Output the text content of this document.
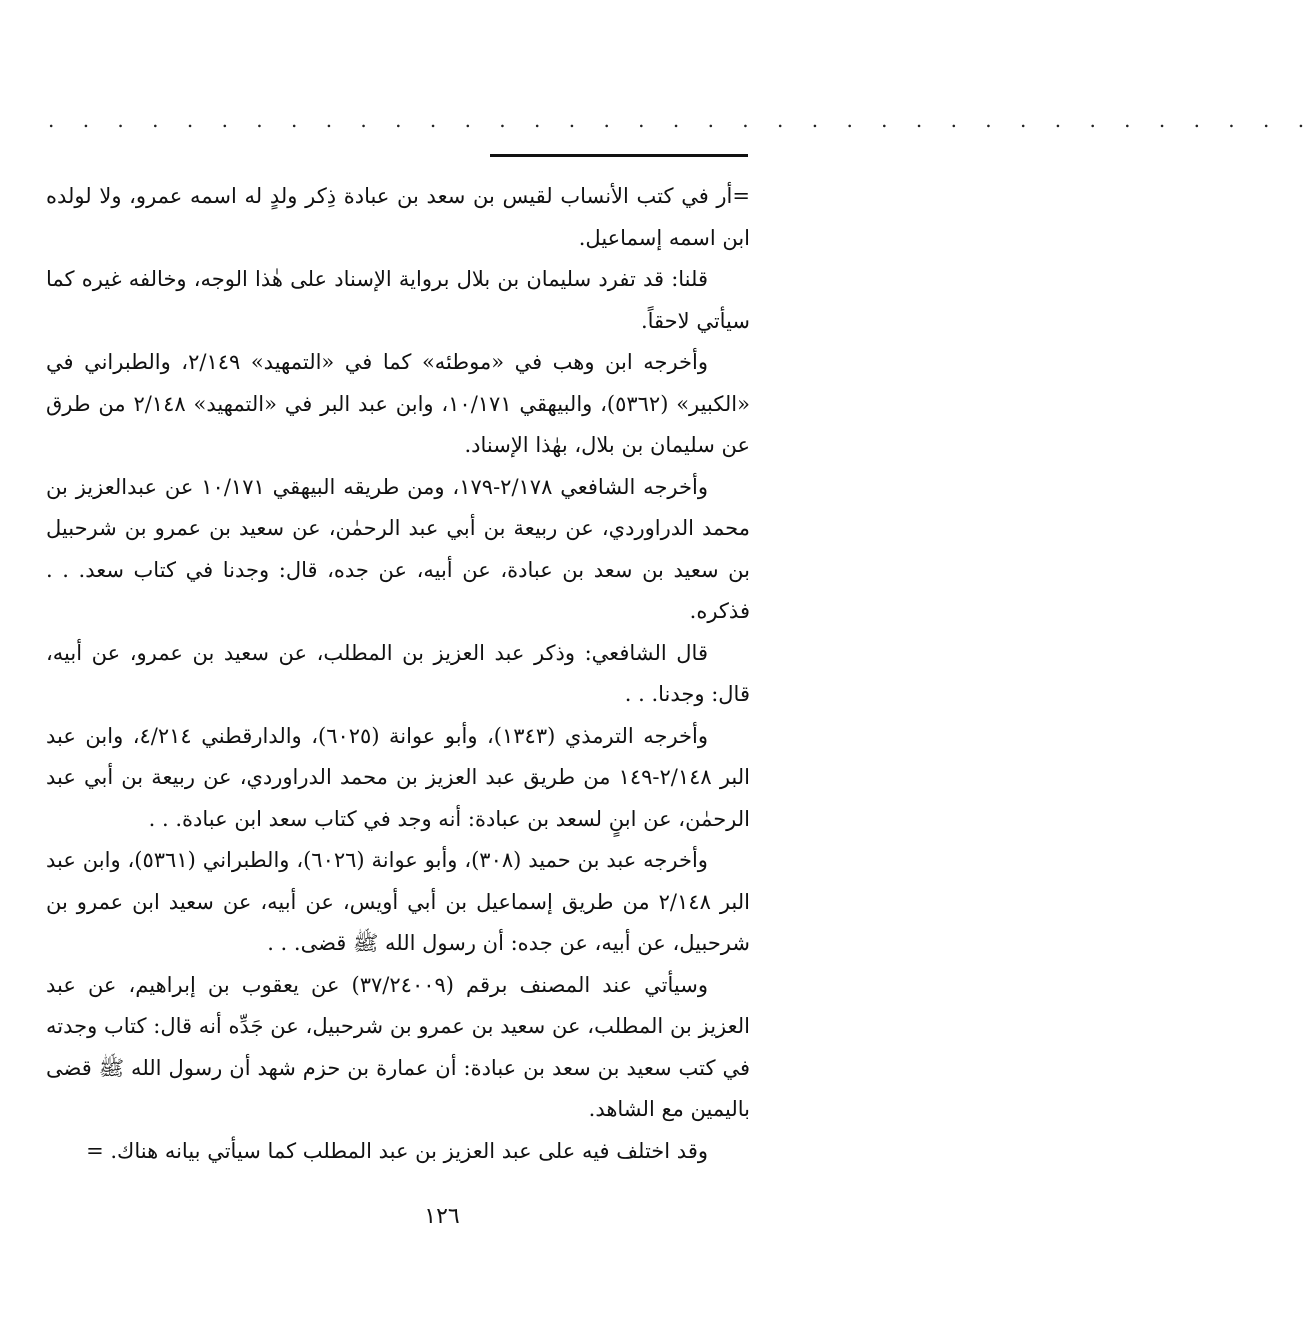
. . . . . . . . . . . . . . . . . . . . . . . . . . . . . . . . . . . . .

=أر في كتب الأنساب لقيس بن سعد بن عبادة ذِكر ولدٍ له اسمه عمرو، ولا لولده ابن اسمه إسماعيل.

قلنا: قد تفرد سليمان بن بلال برواية الإسناد على هٰذا الوجه، وخالفه غيره كما سيأتي لاحقاً.

وأخرجه ابن وهب في «موطئه» كما في «التمهيد» ٢/١٤٩، والطبراني في «الكبير» (٥٣٦٢)، والبيهقي ١٠/١٧١، وابن عبد البر في «التمهيد» ٢/١٤٨ من طرق عن سليمان بن بلال، بهٰذا الإسناد.

وأخرجه الشافعي ٢/١٧٨-١٧٩، ومن طريقه البيهقي ١٠/١٧١ عن عبدالعزيز بن محمد الدراوردي، عن ربيعة بن أبي عبد الرحمٰن، عن سعيد بن عمرو بن شرحبيل بن سعيد بن سعد بن عبادة، عن أبيه، عن جده، قال: وجدنا في كتاب سعد. . . فذكره.

قال الشافعي: وذكر عبد العزيز بن المطلب، عن سعيد بن عمرو، عن أبيه، قال: وجدنا. . .

وأخرجه الترمذي (١٣٤٣)، وأبو عوانة (٦٠٢٥)، والدارقطني ٤/٢١٤، وابن عبد البر ٢/١٤٨-١٤٩ من طريق عبد العزيز بن محمد الدراوردي، عن ربيعة بن أبي عبد الرحمٰن، عن ابنٍ لسعد بن عبادة: أنه وجد في كتاب سعد ابن عبادة. . .

وأخرجه عبد بن حميد (٣٠٨)، وأبو عوانة (٦٠٢٦)، والطبراني (٥٣٦١)، وابن عبد البر ٢/١٤٨ من طريق إسماعيل بن أبي أويس، عن أبيه، عن سعيد ابن عمرو بن شرحبيل، عن أبيه، عن جده: أن رسول الله ﷺ قضى. . .

وسيأتي عند المصنف برقم (٣٧/٢٤٠٠٩) عن يعقوب بن إبراهيم، عن عبد العزيز بن المطلب، عن سعيد بن عمرو بن شرحبيل، عن جَدِّه أنه قال: كتاب وجدته في كتب سعيد بن سعد بن عبادة: أن عمارة بن حزم شهد أن رسول الله ﷺ قضى باليمين مع الشاهد.

وقد اختلف فيه على عبد العزيز بن عبد المطلب كما سيأتي بيانه هناك. =

١٢٦
